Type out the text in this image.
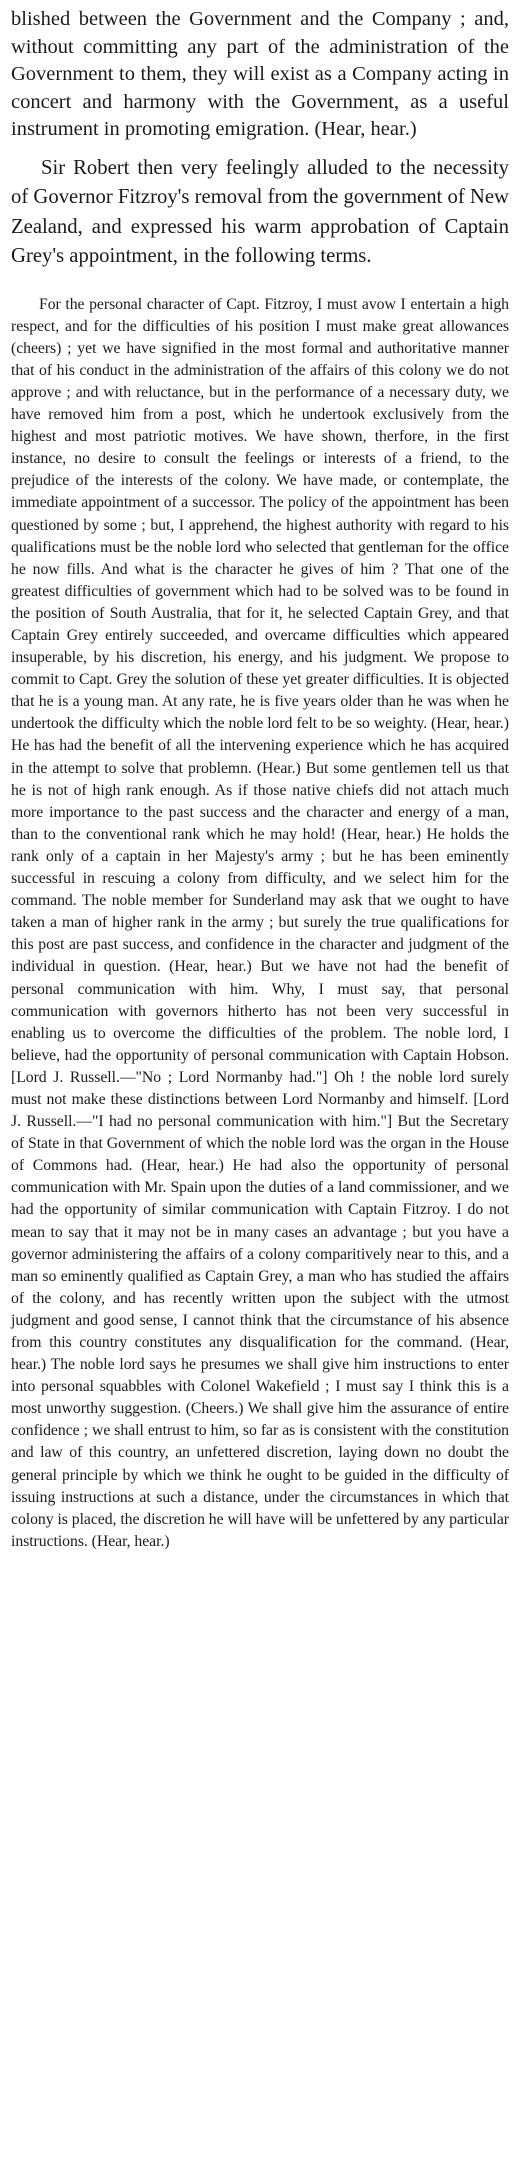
blished between the Government and the Company ; and, without committing any part of the administration of the Government to them, they will exist as a Company acting in concert and harmony with the Government, as a useful instrument in promoting emigration. (Hear, hear.)

Sir Robert then very feelingly alluded to the necessity of Governor Fitzroy's removal from the government of New Zealand, and expressed his warm approbation of Captain Grey's appointment, in the following terms.

For the personal character of Capt. Fitzroy, I must avow I entertain a high respect, and for the difficulties of his position I must make great allowances (cheers) ; yet we have signified in the most formal and authoritative manner that of his conduct in the administration of the affairs of this colony we do not approve ; and with reluctance, but in the performance of a necessary duty, we have removed him from a post, which he undertook exclusively from the highest and most patriotic motives. We have shown, therfore, in the first instance, no desire to consult the feelings or interests of a friend, to the prejudice of the interests of the colony. We have made, or contemplate, the immediate appointment of a successor. The policy of the appointment has been questioned by some ; but, I apprehend, the highest authority with regard to his qualifications must be the noble lord who selected that gentleman for the office he now fills. And what is the character he gives of him ? That one of the greatest difficulties of government which had to be solved was to be found in the position of South Australia, that for it, he selected Captain Grey, and that Captain Grey entirely succeeded, and overcame difficulties which appeared insuperable, by his discretion, his energy, and his judgment. We propose to commit to Capt. Grey the solution of these yet greater difficulties. It is objected that he is a young man. At any rate, he is five years older than he was when he undertook the difficulty which the noble lord felt to be so weighty. (Hear, hear.) He has had the benefit of all the intervening experience which he has acquired in the attempt to solve that problemn. (Hear.) But some gentlemen tell us that he is not of high rank enough. As if those native chiefs did not attach much more importance to the past success and the character and energy of a man, than to the conventional rank which he may hold! (Hear, hear.) He holds the rank only of a captain in her Majesty's army ; but he has been eminently successful in rescuing a colony from difficulty, and we select him for the command. The noble member for Sunderland may ask that we ought to have taken a man of higher rank in the army ; but surely the true qualifications for this post are past success, and confidence in the character and judgment of the individual in question. (Hear, hear.) But we have not had the benefit of personal communication with him. Why, I must say, that personal communication with governors hitherto has not been very successful in enabling us to overcome the difficulties of the problem. The noble lord, I believe, had the opportunity of personal communication with Captain Hobson. [Lord J. Russell.—"No ; Lord Normanby had."] Oh ! the noble lord surely must not make these distinctions between Lord Normanby and himself. [Lord J. Russell.—"I had no personal communication with him."] But the Secretary of State in that Government of which the noble lord was the organ in the House of Commons had. (Hear, hear.) He had also the opportunity of personal communication with Mr. Spain upon the duties of a land commissioner, and we had the opportunity of similar communication with Captain Fitzroy. I do not mean to say that it may not be in many cases an advantage ; but you have a governor administering the affairs of a colony comparitively near to this, and a man so eminently qualified as Captain Grey, a man who has studied the affairs of the colony, and has recently written upon the subject with the utmost judgment and good sense, I cannot think that the circumstance of his absence from this country constitutes any disqualification for the command. (Hear, hear.) The noble lord says he presumes we shall give him instructions to enter into personal squabbles with Colonel Wakefield ; I must say I think this is a most unworthy suggestion. (Cheers.) We shall give him the assurance of entire confidence ; we shall entrust to him, so far as is consistent with the constitution and law of this country, an unfettered discretion, laying down no doubt the general principle by which we think he ought to be guided in the difficulty of issuing instructions at such a distance, under the circumstances in which that colony is placed, the discretion he will have will be unfettered by any particular instructions. (Hear, hear.)
